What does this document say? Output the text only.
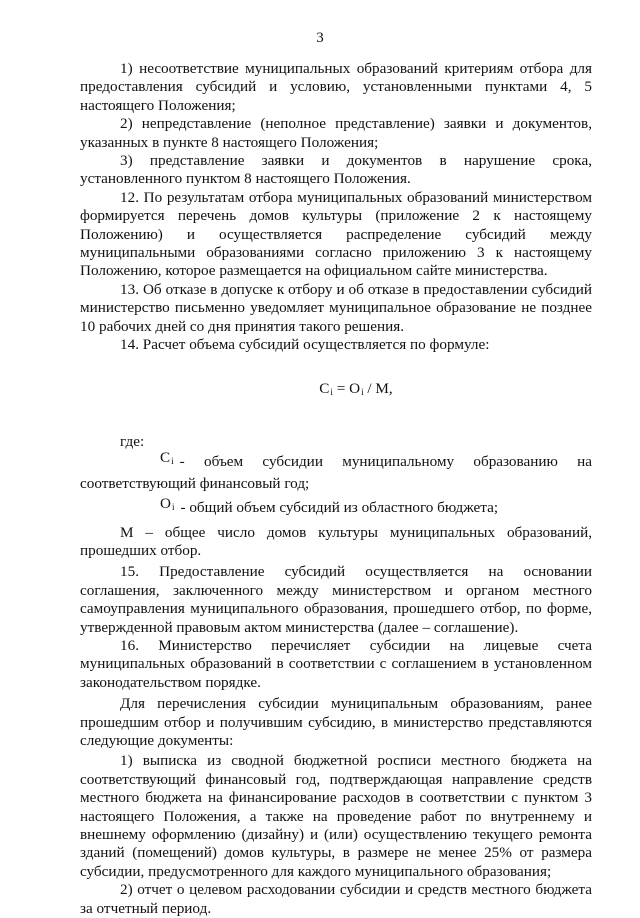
3

1) несоответствие муниципальных образований критериям отбора для предоставления субсидий и условию, установленными пунктами 4, 5 настоящего Положения;

2) непредставление (неполное представление) заявки и документов, указанных в пункте 8 настоящего Положения;

3) представление заявки и документов в нарушение срока, установленного пунктом 8 настоящего Положения.

12. По результатам отбора муниципальных образований министерством формируется перечень домов культуры (приложение 2 к настоящему Положению) и осуществляется распределение субсидий между муниципальными образованиями согласно приложению 3 к настоящему Положению, которое размещается на официальном сайте министерства.

13. Об отказе в допуске к отбору и об отказе в предоставлении субсидий министерство письменно уведомляет муниципальное образование не позднее 10 рабочих дней со дня принятия такого решения.

14. Расчет объема субсидий осуществляется по формуле:

$C_i = O_i / М$,

где:

$C_i$ - объем субсидии муниципальному образованию на соответствующий финансовый год;

$O_i$ - общий объем субсидий из областного бюджета;

М – общее число домов культуры муниципальных образований, прошедших отбор.

15. Предоставление субсидий осуществляется на основании соглашения, заключенного между министерством и органом местного самоуправления муниципального образования, прошедшего отбор, по форме, утвержденной правовым актом министерства (далее – соглашение).

16. Министерство перечисляет субсидии на лицевые счета муниципальных образований в соответствии с соглашением в установленном законодательством порядке.

Для перечисления субсидии муниципальным образованиям, ранее прошедшим отбор и получившим субсидию, в министерство представляются следующие документы:

1) выписка из сводной бюджетной росписи местного бюджета на соответствующий финансовый год, подтверждающая направление средств местного бюджета на финансирование расходов в соответствии с пунктом 3 настоящего Положения, а также на проведение работ по внутреннему и внешнему оформлению (дизайну) и (или) осуществлению текущего ремонта зданий (помещений) домов культуры, в размере не менее 25% от размера субсидии, предусмотренного для каждого муниципального образования;

2) отчет о целевом расходовании субсидии и средств местного бюджета за отчетный период.
